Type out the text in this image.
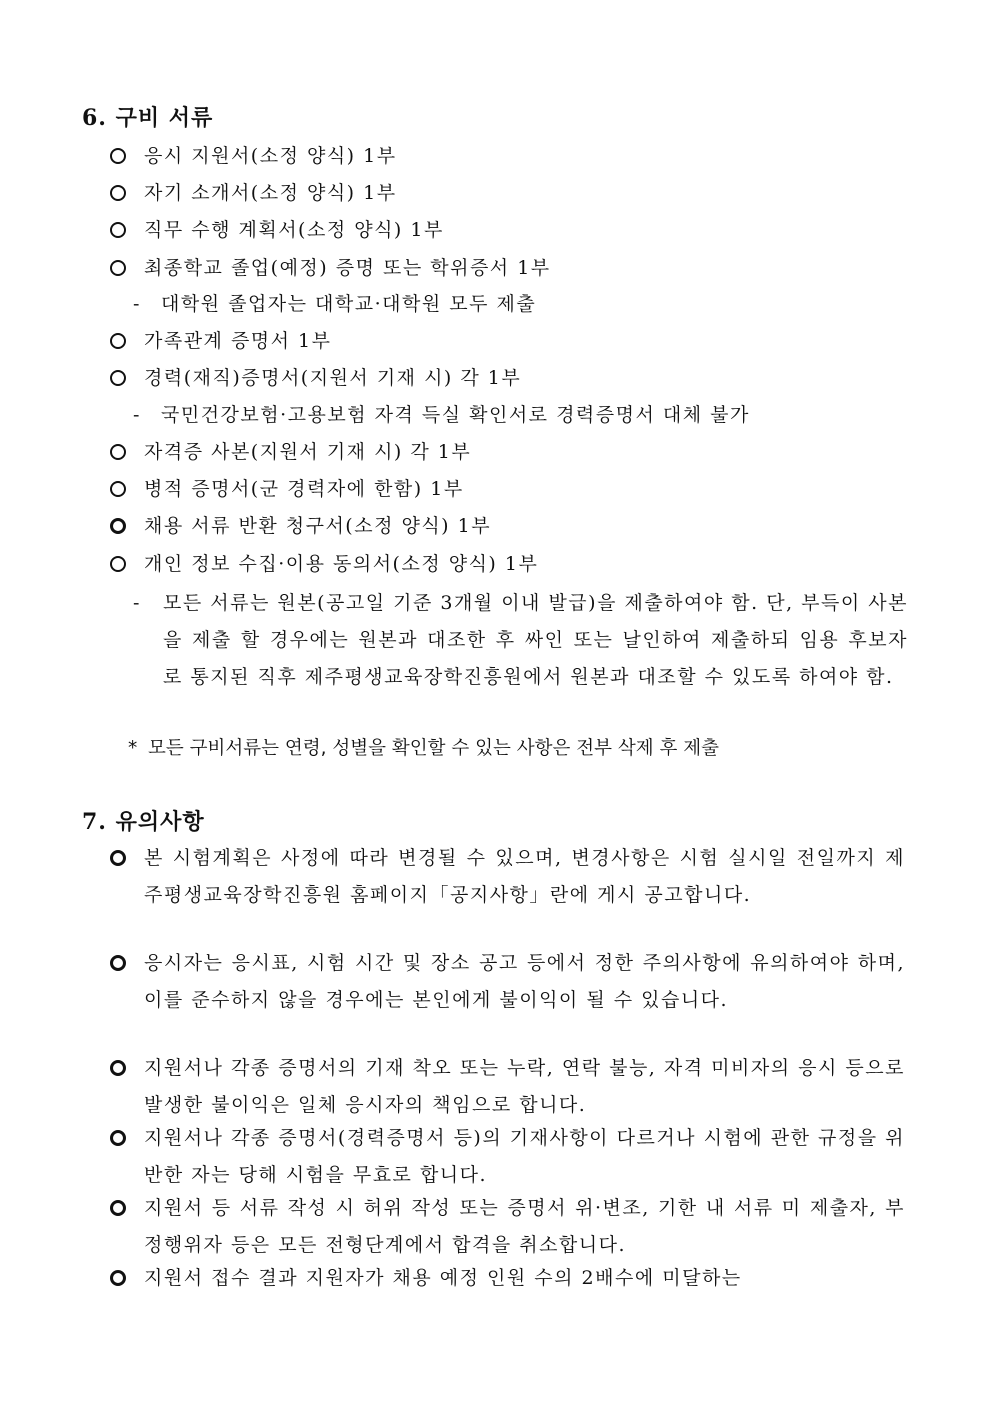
6. 구비 서류
응시 지원서(소정 양식) 1부
자기 소개서(소정 양식) 1부
직무 수행 계획서(소정 양식) 1부
최종학교 졸업(예정) 증명 또는 학위증서 1부
-	대학원 졸업자는 대학교·대학원 모두 제출
가족관계 증명서 1부
경력(재직)증명서(지원서 기재 시) 각 1부
-	국민건강보험·고용보험 자격 득실 확인서로 경력증명서 대체 불가
자격증 사본(지원서 기재 시) 각 1부
병적 증명서(군 경력자에 한함) 1부
채용 서류 반환 청구서(소정 양식) 1부
개인 정보 수집·이용 동의서(소정 양식) 1부
-	모든 서류는 원본(공고일 기준 3개월 이내 발급)을 제출하여야 함. 단, 부득이 사본을 제출 할 경우에는 원본과 대조한 후 싸인 또는 날인하여 제출하되 임용 후보자로 통지된 직후 제주평생교육장학진흥원에서 원본과 대조할 수 있도록 하여야 함.
* 모든 구비서류는 연령, 성별을 확인할 수 있는 사항은 전부 삭제 후 제출
7. 유의사항
본 시험계획은 사정에 따라 변경될 수 있으며, 변경사항은 시험 실시일 전일까지 제주평생교육장학진흥원 홈페이지「공지사항」란에 게시 공고합니다.
응시자는 응시표, 시험 시간 및 장소 공고 등에서 정한 주의사항에 유의하여야 하며, 이를 준수하지 않을 경우에는 본인에게 불이익이 될 수 있습니다.
지원서나 각종 증명서의 기재 착오 또는 누락, 연락 불능, 자격 미비자의 응시 등으로 발생한 불이익은 일체 응시자의 책임으로 합니다.
지원서나 각종 증명서(경력증명서 등)의 기재사항이 다르거나 시험에 관한 규정을 위반한 자는 당해 시험을 무효로 합니다.
지원서 등 서류 작성 시 허위 작성 또는 증명서 위·변조, 기한 내 서류 미 제출자, 부정행위자 등은 모든 전형단계에서 합격을 취소합니다.
지원서 접수 결과 지원자가 채용 예정 인원 수의 2배수에 미달하는
